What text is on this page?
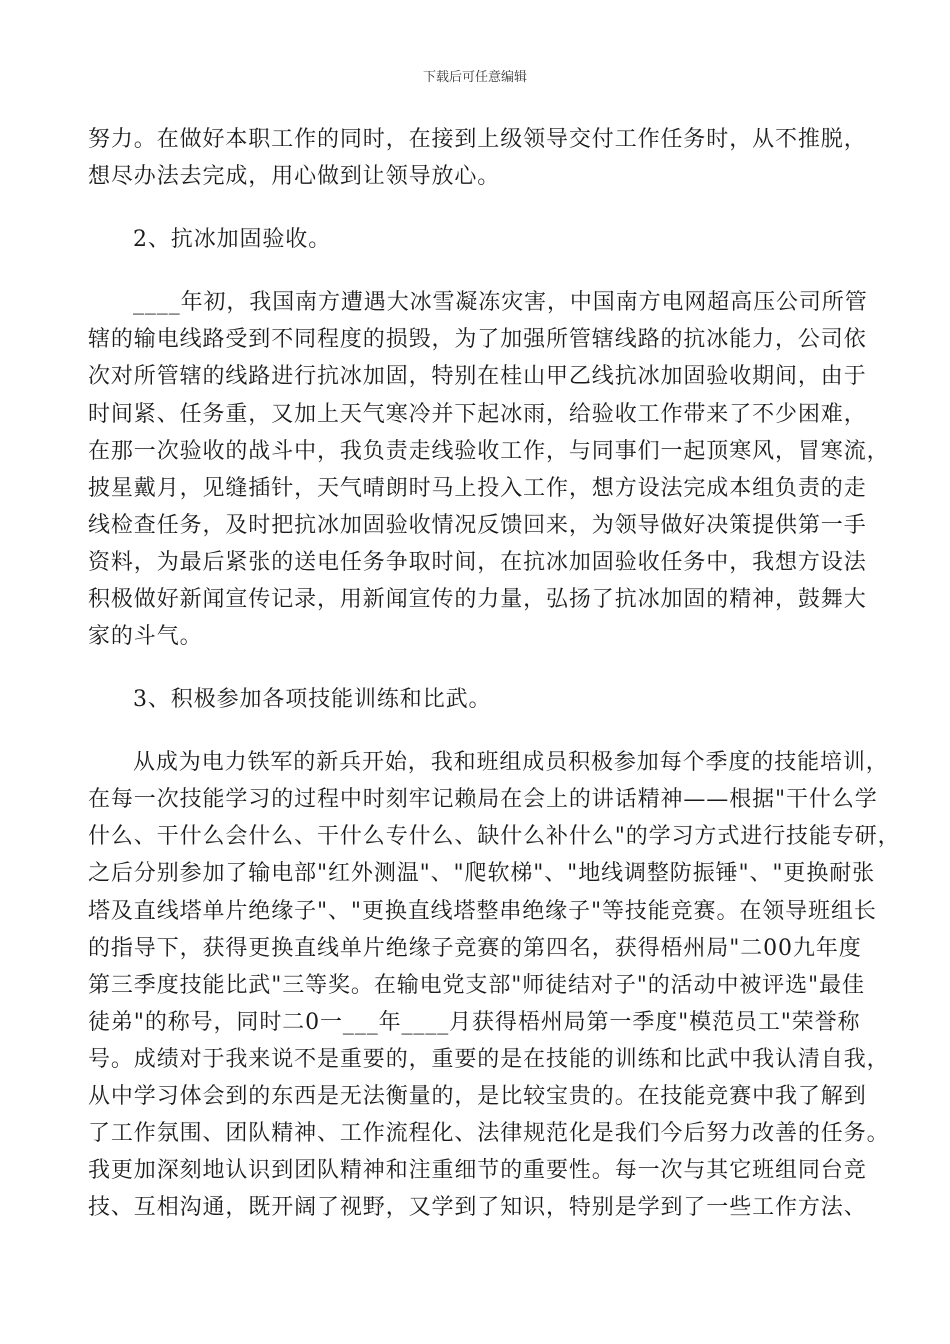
下载后可任意编辑
努力。在做好本职工作的同时，在接到上级领导交付工作任务时，从不推脱，
想尽办法去完成，用心做到让领导放心。
2、抗冰加固验收。
____年初，我国南方遭遇大冰雪凝冻灾害，中国南方电网超高压公司所管
辖的输电线路受到不同程度的损毁，为了加强所管辖线路的抗冰能力，公司依
次对所管辖的线路进行抗冰加固，特别在桂山甲乙线抗冰加固验收期间，由于
时间紧、任务重，又加上天气寒冷并下起冰雨，给验收工作带来了不少困难，
在那一次验收的战斗中，我负责走线验收工作，与同事们一起顶寒风，冒寒流，
披星戴月，见缝插针，天气晴朗时马上投入工作，想方设法完成本组负责的走
线检查任务，及时把抗冰加固验收情况反馈回来，为领导做好决策提供第一手
资料，为最后紧张的送电任务争取时间，在抗冰加固验收任务中，我想方设法
积极做好新闻宣传记录，用新闻宣传的力量，弘扬了抗冰加固的精神，鼓舞大
家的斗气。
3、积极参加各项技能训练和比武。
从成为电力铁军的新兵开始，我和班组成员积极参加每个季度的技能培训，
在每一次技能学习的过程中时刻牢记赖局在会上的讲话精神——根据"干什么学
什么、干什么会什么、干什么专什么、缺什么补什么"的学习方式进行技能专研，
之后分别参加了输电部"红外测温"、"爬软梯"、"地线调整防振锤"、"更换耐张
塔及直线塔单片绝缘子"、"更换直线塔整串绝缘子"等技能竞赛。在领导班组长
的指导下，获得更换直线单片绝缘子竞赛的第四名，获得梧州局"二00九年度
第三季度技能比武"三等奖。在输电党支部"师徒结对子"的活动中被评选"最佳
徒弟"的称号，同时二0一___年____月获得梧州局第一季度"模范员工"荣誉称
号。成绩对于我来说不是重要的，重要的是在技能的训练和比武中我认清自我，
从中学习体会到的东西是无法衡量的，是比较宝贵的。在技能竞赛中我了解到
了工作氛围、团队精神、工作流程化、法律规范化是我们今后努力改善的任务。
我更加深刻地认识到团队精神和注重细节的重要性。每一次与其它班组同台竞
技、互相沟通，既开阔了视野，又学到了知识，特别是学到了一些工作方法、
